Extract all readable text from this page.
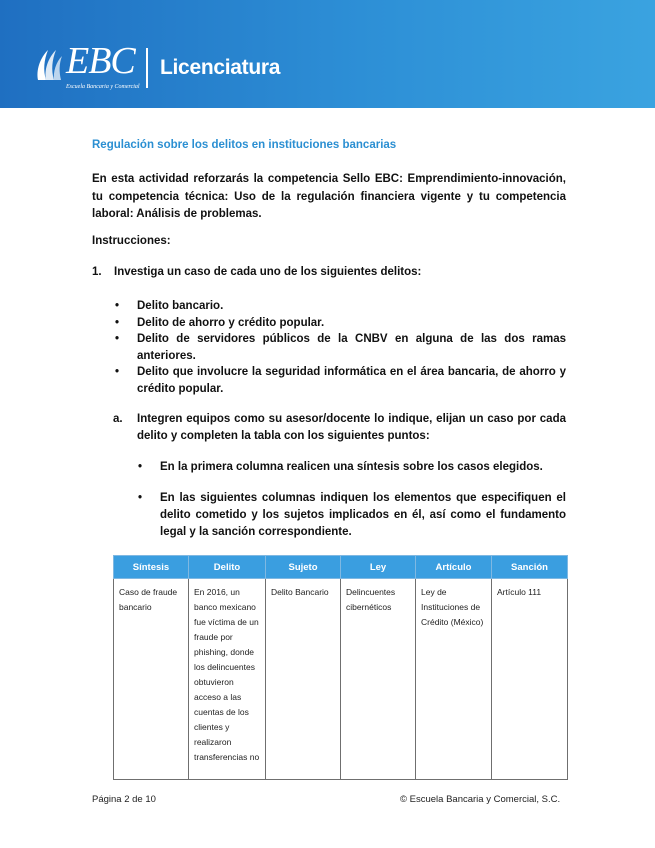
EBC
Escuela Bancaria y Comercial
Licenciatura
Regulación sobre los delitos en instituciones bancarias
En esta actividad reforzarás la competencia Sello EBC: Emprendimiento-innovación, tu competencia técnica: Uso de la regulación financiera vigente y tu competencia laboral: Análisis de problemas.
Instrucciones:
1. Investiga un caso de cada uno de los siguientes delitos:
• Delito bancario.
• Delito de ahorro y crédito popular.
• Delito de servidores públicos de la CNBV en alguna de las dos ramas anteriores.
• Delito que involucre la seguridad informática en el área bancaria, de ahorro y crédito popular.
a. Integren equipos como su asesor/docente lo indique, elijan un caso por cada delito y completen la tabla con los siguientes puntos:
• En la primera columna realicen una síntesis sobre los casos elegidos.
• En las siguientes columnas indiquen los elementos que especifiquen el delito cometido y los sujetos implicados en él, así como el fundamento legal y la sanción correspondiente.
Síntesis	Delito	Sujeto	Ley	Artículo	Sanción
Caso de fraude bancario	En 2016, un banco mexicano fue víctima de un fraude por phishing, donde los delincuentes obtuvieron acceso a las cuentas de los clientes y realizaron transferencias no	Delito Bancario	Delincuentes cibernéticos	Ley de Instituciones de Crédito (México)	Artículo 111
Página 2 de 10	© Escuela Bancaria y Comercial, S.C.
